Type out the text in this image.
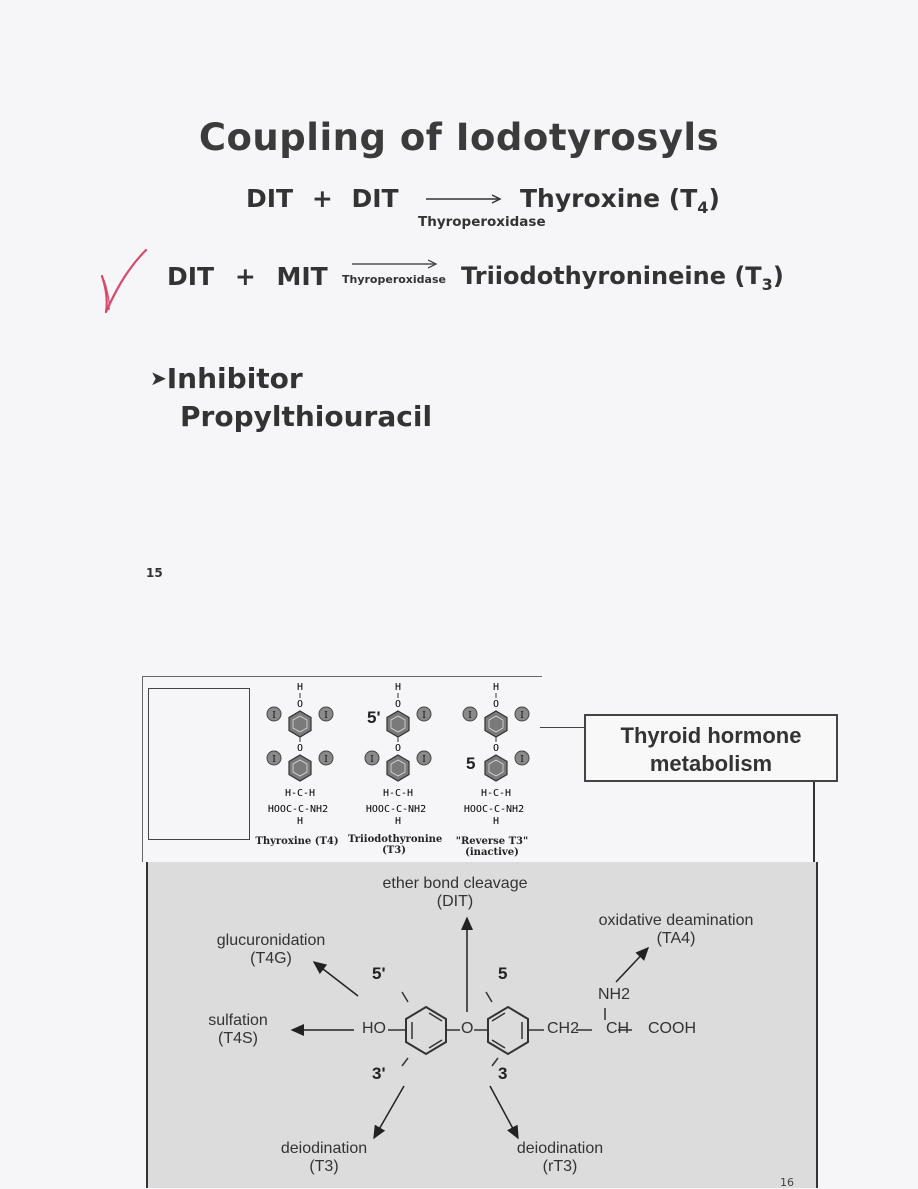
Coupling of Iodotyrosyls
DIT + DIT	Thyroxine $(T_4)$
Thyroperoxidase
DIT + MIT Thyroperoxidase Triiodothyronineine $(T_3)$
➤Inhibitor
Propylthiouracil
15
I	H
O
O
H-C-H
HOOC-C-NH2
H
H
O
O
H-C-H
HOOC-C-NH2
H
H
O
O
H-C-H
HOOC-C-NH2
H
5'
5
Thyroxine (T4) Triiodothyronine
(T3)
"Reverse T3"
(inactive)
Thyroid hormone
metabolism
ether bond cleavage
(DIT)
oxidative deamination
(TA4)
glucuronidation
(T4G)
sulfation
(T4S)
deiodination
(T3)
deiodination
(rT3)
5'	5
3'	3
HO	O	CH2 CH COOH
NH2
16
